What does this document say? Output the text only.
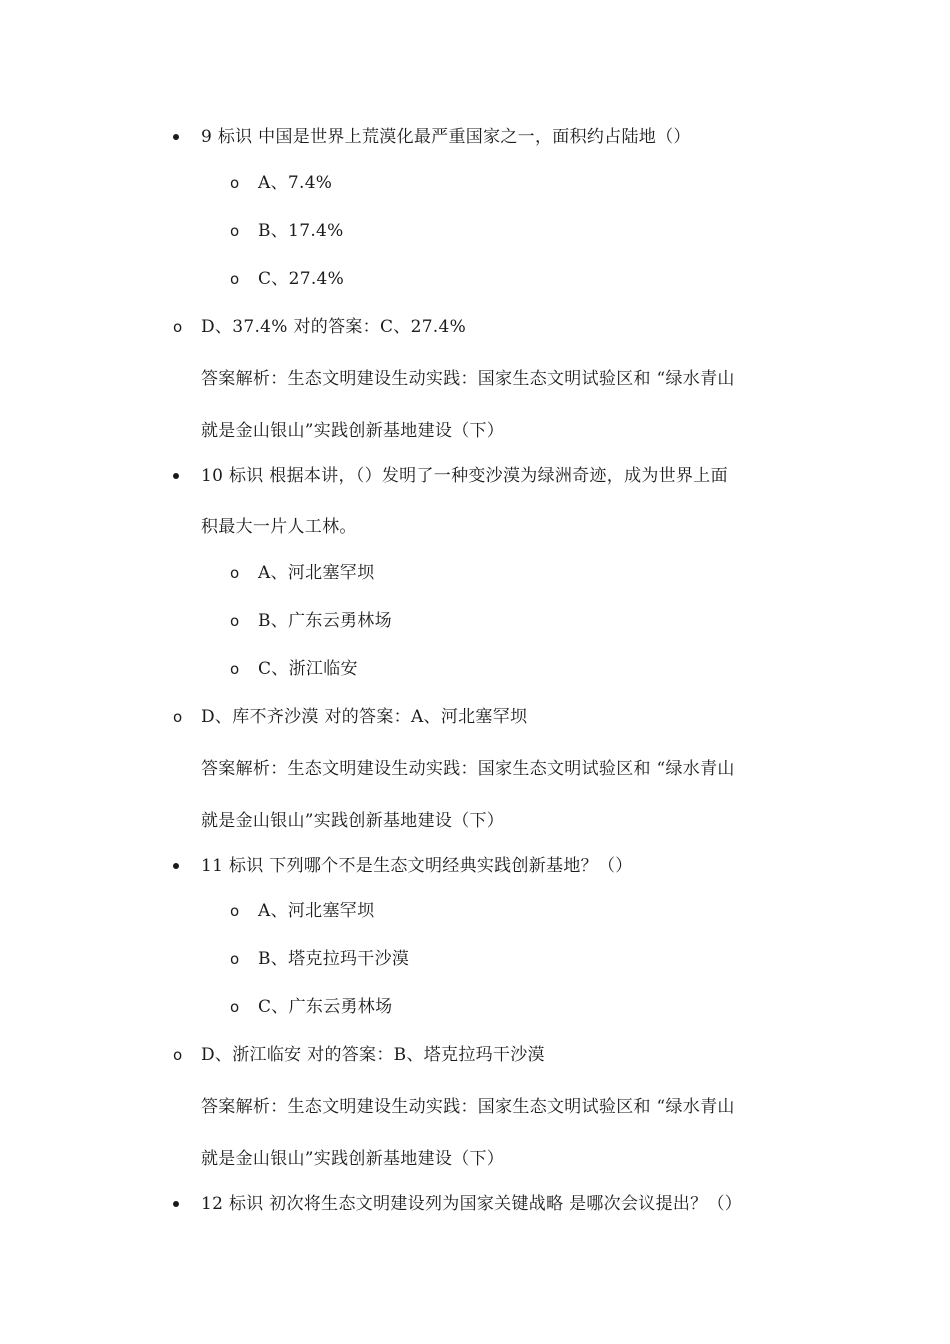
9 标识 中国是世界上荒漠化最严重国家之一，面积约占陆地（）
o A、7.4%
o B、17.4%
o C、27.4%
o D、37.4% 对的答案：C、27.4%
答案解析：生态文明建设生动实践：国家生态文明试验区和 “绿水青山
就是金山银山”实践创新基地建设（下）
10 标识 根据本讲，（）发明了一种变沙漠为绿洲奇迹，成为世界上面
积最大一片人工林。
o A、河北塞罕坝
o B、广东云勇林场
o C、浙江临安
o D、库不齐沙漠 对的答案：A、河北塞罕坝
答案解析：生态文明建设生动实践：国家生态文明试验区和 “绿水青山
就是金山银山”实践创新基地建设（下）
11 标识 下列哪个不是生态文明经典实践创新基地？（）
o A、河北塞罕坝
o B、塔克拉玛干沙漠
o C、广东云勇林场
o D、浙江临安 对的答案：B、塔克拉玛干沙漠
答案解析：生态文明建设生动实践：国家生态文明试验区和 “绿水青山
就是金山银山”实践创新基地建设（下）
12 标识 初次将生态文明建设列为国家关键战略 是哪次会议提出？（）
